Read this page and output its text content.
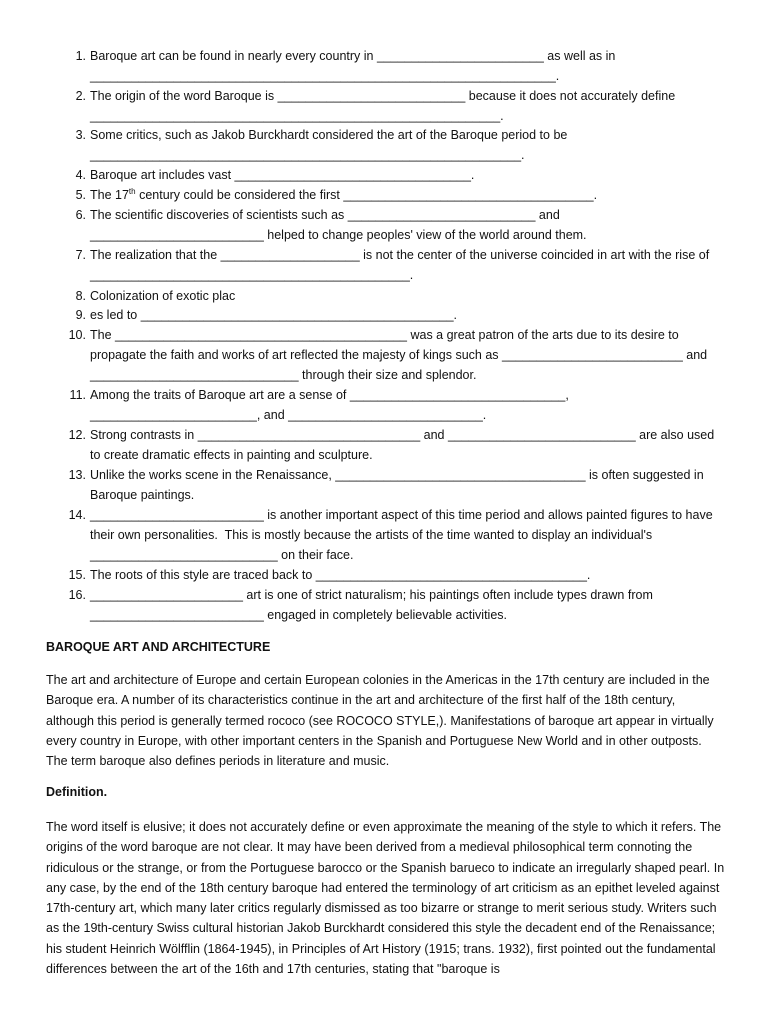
1. Baroque art can be found in nearly every country in ________________________ as well as in ___________________________________________________________________.
2. The origin of the word Baroque is ___________________________ because it does not accurately define ___________________________________________________________.
3. Some critics, such as Jakob Burckhardt considered the art of the Baroque period to be ______________________________________________________________.
4. Baroque art includes vast __________________________________.
5. The 17th century could be considered the first ____________________________________.
6. The scientific discoveries of scientists such as ___________________________ and _________________________ helped to change peoples' view of the world around them.
7. The realization that the ____________________ is not the center of the universe coincided in art with the rise of ______________________________________________.
8. Colonization of exotic plac
9. es led to _____________________________________________.
10. The __________________________________________ was a great patron of the arts due to its desire to propagate the faith and works of art reflected the majesty of kings such as __________________________ and ______________________________ through their size and splendor.
11. Among the traits of Baroque art are a sense of _______________________________, ________________________, and ____________________________.
12. Strong contrasts in ________________________________ and ___________________________ are also used to create dramatic effects in painting and sculpture.
13. Unlike the works scene in the Renaissance, ____________________________________ is often suggested in Baroque paintings.
14. _________________________ is another important aspect of this time period and allows painted figures to have their own personalities.  This is mostly because the artists of the time wanted to display an individual's ___________________________ on their face.
15. The roots of this style are traced back to _______________________________________.
16. ______________________ art is one of strict naturalism; his paintings often include types drawn from _________________________ engaged in completely believable activities.
BAROQUE ART AND ARCHITECTURE
The art and architecture of Europe and certain European colonies in the Americas in the 17th century are included in the Baroque era. A number of its characteristics continue in the art and architecture of the first half of the 18th century, although this period is generally termed rococo (see ROCOCO STYLE,). Manifestations of baroque art appear in virtually every country in Europe, with other important centers in the Spanish and Portuguese New World and in other outposts. The term baroque also defines periods in literature and music.
Definition.
The word itself is elusive; it does not accurately define or even approximate the meaning of the style to which it refers. The origins of the word baroque are not clear. It may have been derived from a medieval philosophical term connoting the ridiculous or the strange, or from the Portuguese barocco or the Spanish barueco to indicate an irregularly shaped pearl. In any case, by the end of the 18th century baroque had entered the terminology of art criticism as an epithet leveled against 17th-century art, which many later critics regularly dismissed as too bizarre or strange to merit serious study. Writers such as the 19th-century Swiss cultural historian Jakob Burckhardt considered this style the decadent end of the Renaissance; his student Heinrich Wölfflin (1864-1945), in Principles of Art History (1915; trans. 1932), first pointed out the fundamental differences between the art of the 16th and 17th centuries, stating that "baroque is
